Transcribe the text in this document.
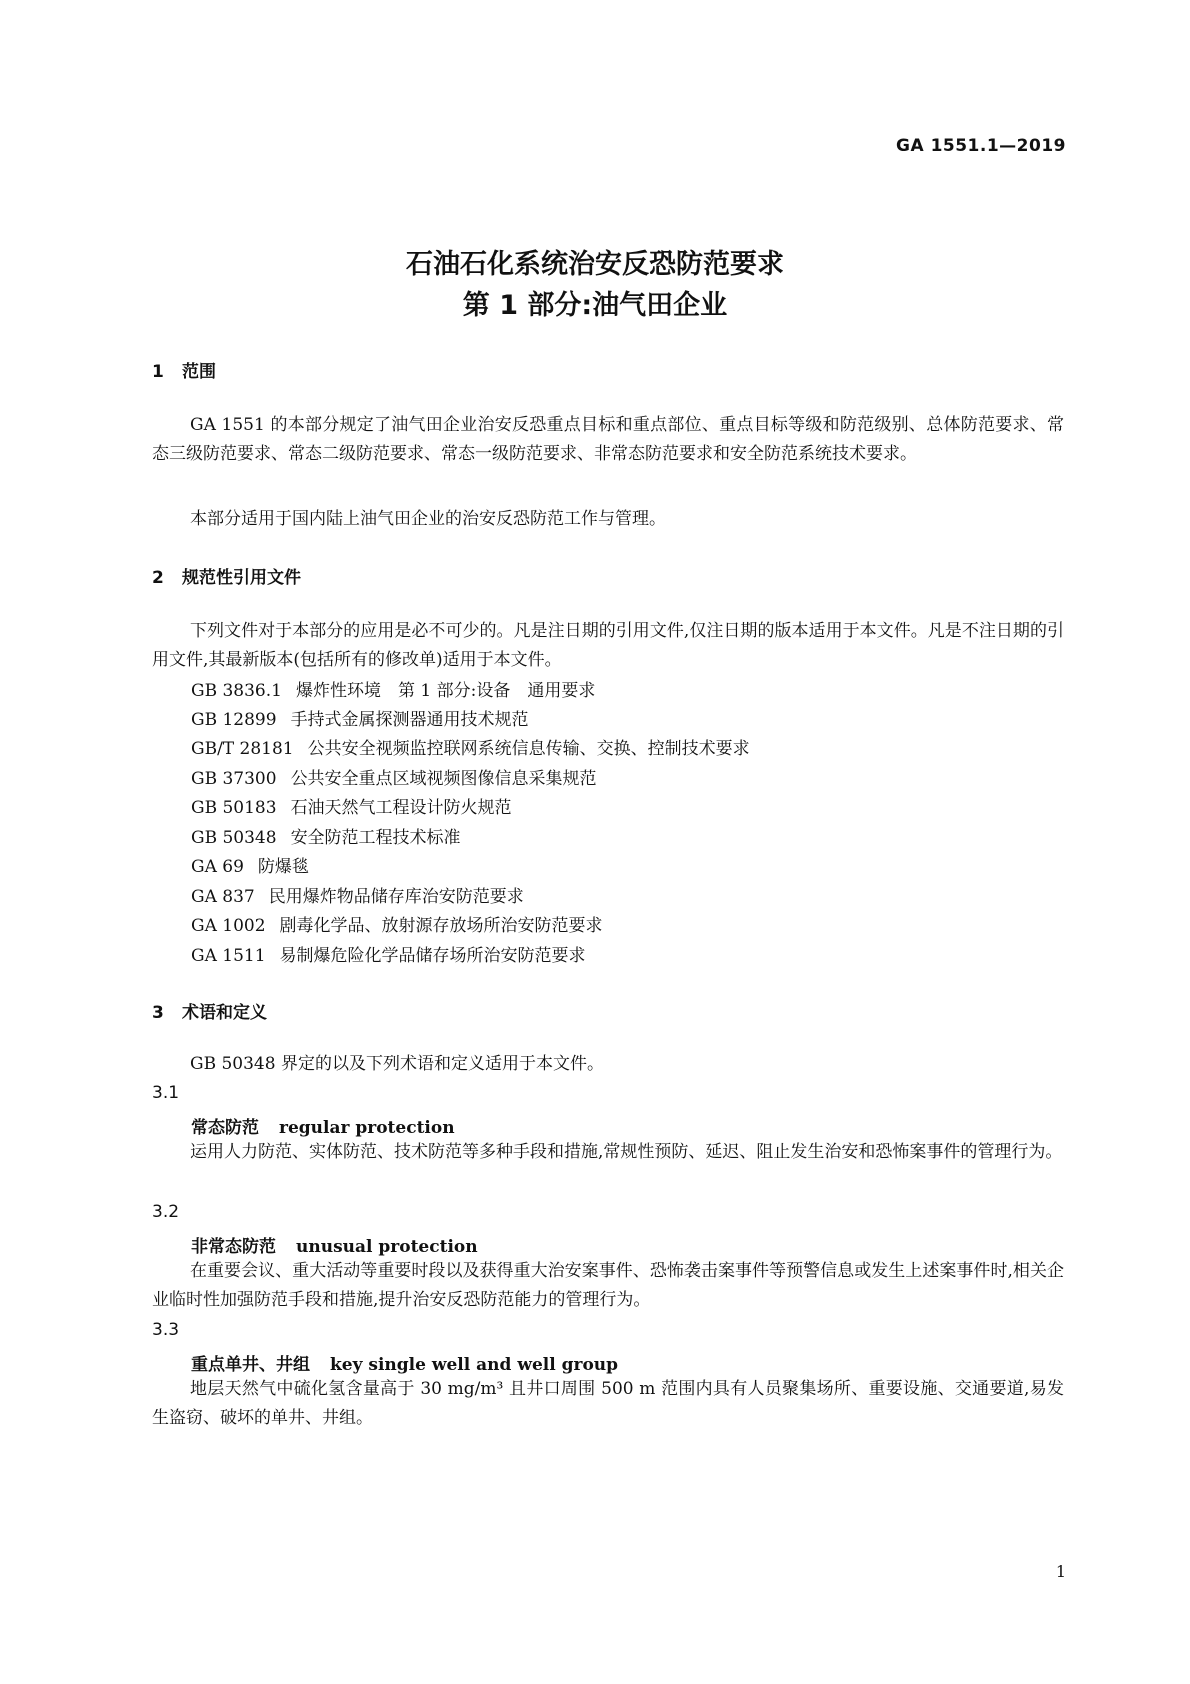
GA 1551.1—2019
石油石化系统治安反恐防范要求
第 1 部分:油气田企业
1 范围
GA 1551 的本部分规定了油气田企业治安反恐重点目标和重点部位、重点目标等级和防范级别、总体防范要求、常态三级防范要求、常态二级防范要求、常态一级防范要求、非常态防范要求和安全防范系统技术要求。
本部分适用于国内陆上油气田企业的治安反恐防范工作与管理。
2 规范性引用文件
下列文件对于本部分的应用是必不可少的。凡是注日期的引用文件,仅注日期的版本适用于本文件。凡是不注日期的引用文件,其最新版本(包括所有的修改单)适用于本文件。
GB 3836.1 爆炸性环境　第 1 部分:设备　通用要求
GB 12899 手持式金属探测器通用技术规范
GB/T 28181 公共安全视频监控联网系统信息传输、交换、控制技术要求
GB 37300 公共安全重点区域视频图像信息采集规范
GB 50183 石油天然气工程设计防火规范
GB 50348 安全防范工程技术标准
GA 69 防爆毯
GA 837 民用爆炸物品储存库治安防范要求
GA 1002 剧毒化学品、放射源存放场所治安防范要求
GA 1511 易制爆危险化学品储存场所治安防范要求
3 术语和定义
GB 50348 界定的以及下列术语和定义适用于本文件。
3.1
常态防范 regular protection
运用人力防范、实体防范、技术防范等多种手段和措施,常规性预防、延迟、阻止发生治安和恐怖案事件的管理行为。
3.2
非常态防范 unusual protection
在重要会议、重大活动等重要时段以及获得重大治安案事件、恐怖袭击案事件等预警信息或发生上述案事件时,相关企业临时性加强防范手段和措施,提升治安反恐防范能力的管理行为。
3.3
重点单井、井组 key single well and well group
地层天然气中硫化氢含量高于 30 mg/m³ 且井口周围 500 m 范围内具有人员聚集场所、重要设施、交通要道,易发生盗窃、破坏的单井、井组。
1
